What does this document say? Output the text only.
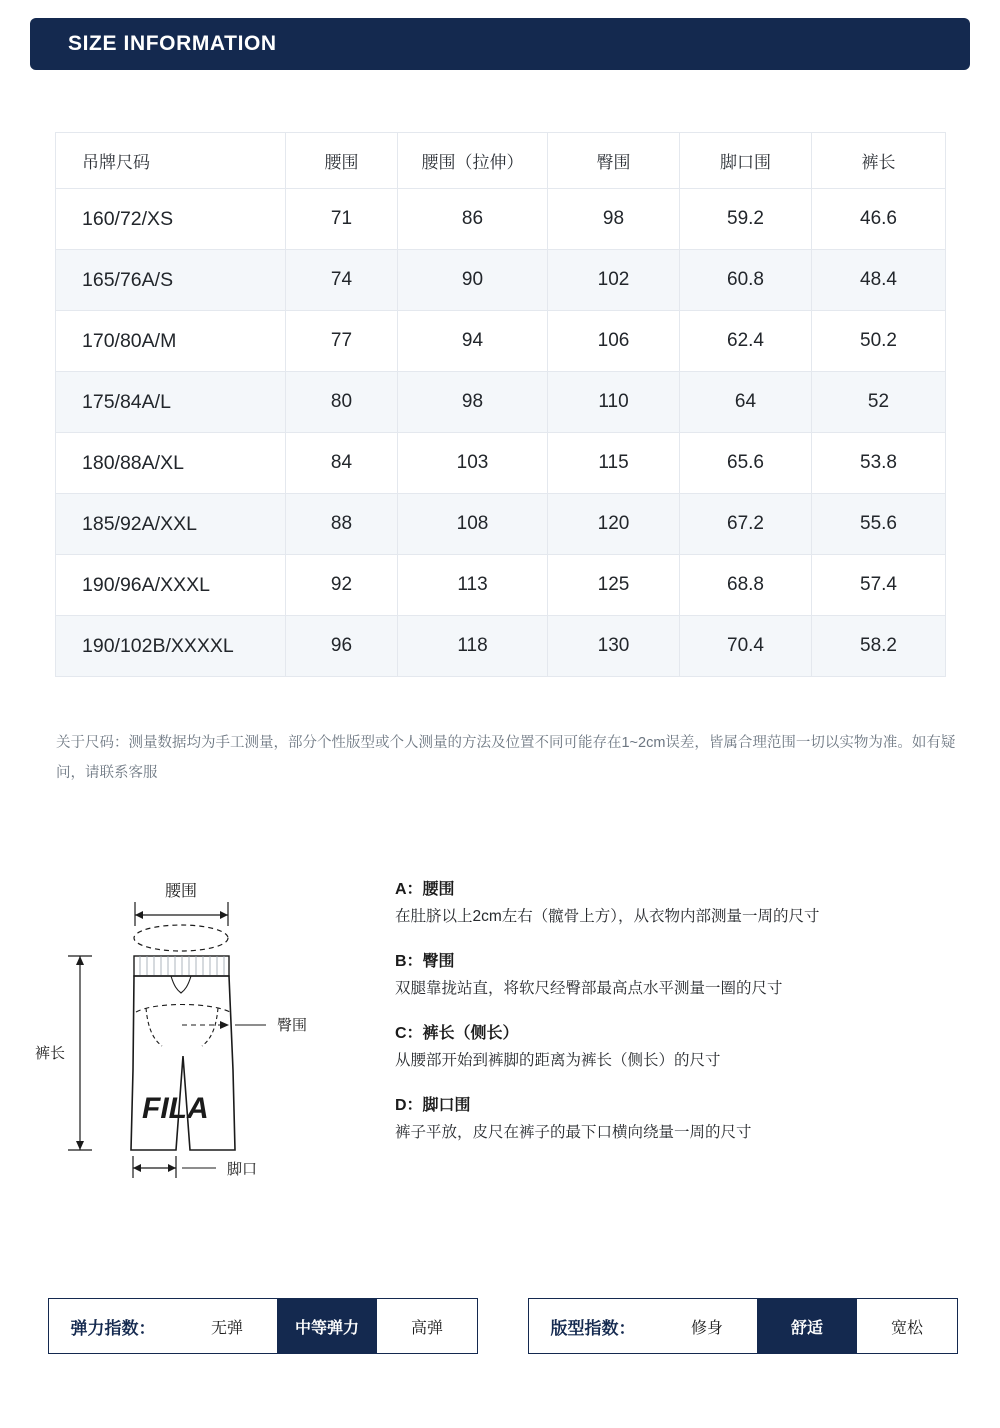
SIZE INFORMATION
吊牌尺码	腰围	腰围（拉伸）	臀围	脚口围	裤长
160/72/XS	71	86	98	59.2	46.6
165/76A/S	74	90	102	60.8	48.4
170/80A/M	77	94	106	62.4	50.2
175/84A/L	80	98	110	64	52
180/88A/XL	84	103	115	65.6	53.8
185/92A/XXL	88	108	120	67.2	55.6
190/96A/XXXL	92	113	125	68.8	57.4
190/102B/XXXXL	96	118	130	70.4	58.2
关于尺码：测量数据均为手工测量，部分个性版型或个人测量的方法及位置不同可能存在1~2cm误差，皆属合理范围一切以实物为准。如有疑问，请联系客服
腰围
臀围
FILA
裤长
脚口
A：腰围
在肚脐以上2cm左右（髋骨上方），从衣物内部测量一周的尺寸
B：臀围
双腿靠拢站直，将软尺经臀部最高点水平测量一圈的尺寸
C：裤长（侧长）
从腰部开始到裤脚的距离为裤长（侧长）的尺寸
D：脚口围
裤子平放，皮尺在裤子的最下口横向绕量一周的尺寸
弹力指数：	无弹	中等弹力	高弹	版型指数：	修身	舒适	宽松
